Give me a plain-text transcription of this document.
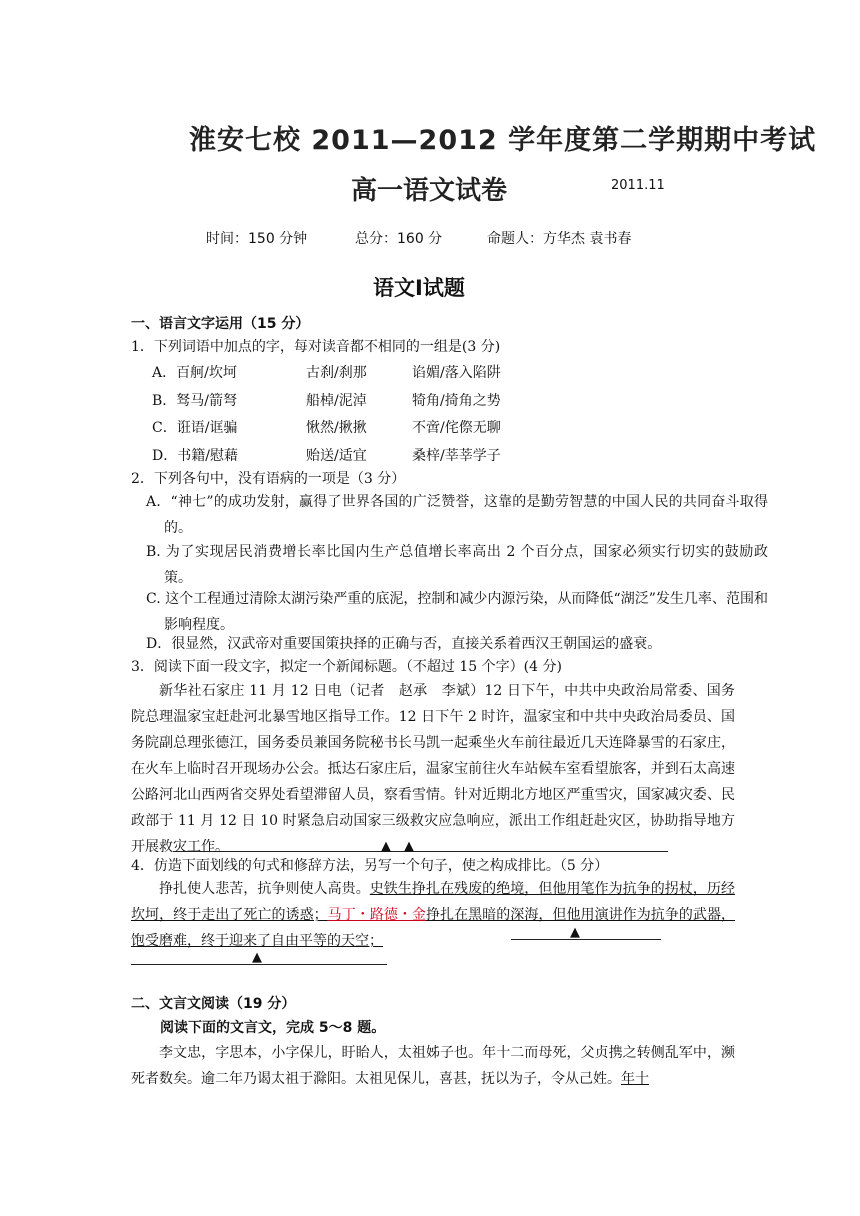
淮安七校 2011—2012 学年度第二学期期中考试
高一语文试卷	2011.11
时间：150 分钟	总分：160 分	命题人：方华杰 袁书春
语文Ⅰ试题
一、语言文字运用（15 分）
1．下列词语中加点的字，每对读音都不相同的一组是(3 分)
A．百舸/坎坷	古刹/刹那	谄媚/落入陷阱
B．驽马/箭弩	船棹/泥淖	犄角/掎角之势
C．诳语/诓骗	愀然/揪揪	不啻/侘傺无聊
D．书籍/慰藉	贻送/适宜	桑梓/莘莘学子
2．下列各句中，没有语病的一项是（3 分）
A．“神七”的成功发射，赢得了世界各国的广泛赞誉，这靠的是勤劳智慧的中国人民的共同奋斗取得的。
B. 为了实现居民消费增长率比国内生产总值增长率高出 2 个百分点，国家必须实行切实的鼓励政策。
C. 这个工程通过清除太湖污染严重的底泥，控制和减少内源污染，从而降低“湖泛”发生几率、范围和影响程度。
D．很显然，汉武帝对重要国策抉择的正确与否，直接关系着西汉王朝国运的盛衰。
3．阅读下面一段文字，拟定一个新闻标题。（不超过 15 个字）(4 分)
新华社石家庄 11 月 12 日电（记者　赵承　李斌）12 日下午，中共中央政治局常委、国务院总理温家宝赶赴河北暴雪地区指导工作。12 日下午 2 时许，温家宝和中共中央政治局委员、国务院副总理张德江，国务委员兼国务院秘书长马凯一起乘坐火车前往最近几天连降暴雪的石家庄，在火车上临时召开现场办公会。抵达石家庄后，温家宝前往火车站候车室看望旅客，并到石太高速公路河北山西两省交界处看望滞留人员，察看雪情。针对近期北方地区严重雪灾，国家减灾委、民政部于 11 月 12 日 10 时紧急启动国家三级救灾应急响应，派出工作组赶赴灾区，协助指导地方开展救灾工作。	▲　▲
4．仿造下面划线的句式和修辞方法，另写一个句子，使之构成排比。（5 分）
挣扎使人悲苦，抗争则使人高贵。史铁生挣扎在残废的绝境，但他用笔作为抗争的拐杖，历经坎坷，终于走出了死亡的诱惑；马丁・路德・金挣扎在黑暗的深海，但他用演讲作为抗争的武器，饱受磨难，终于迎来了自由平等的天空；
▲
▲
二、文言文阅读（19 分）
阅读下面的文言文，完成 5～8 题。
李文忠，字思本，小字保儿，盱眙人，太祖姊子也。年十二而母死，父贞携之转侧乱军中，濒死者数矣。逾二年乃谒太祖于滁阳。太祖见保儿，喜甚，抚以为子，令从己姓。年十
